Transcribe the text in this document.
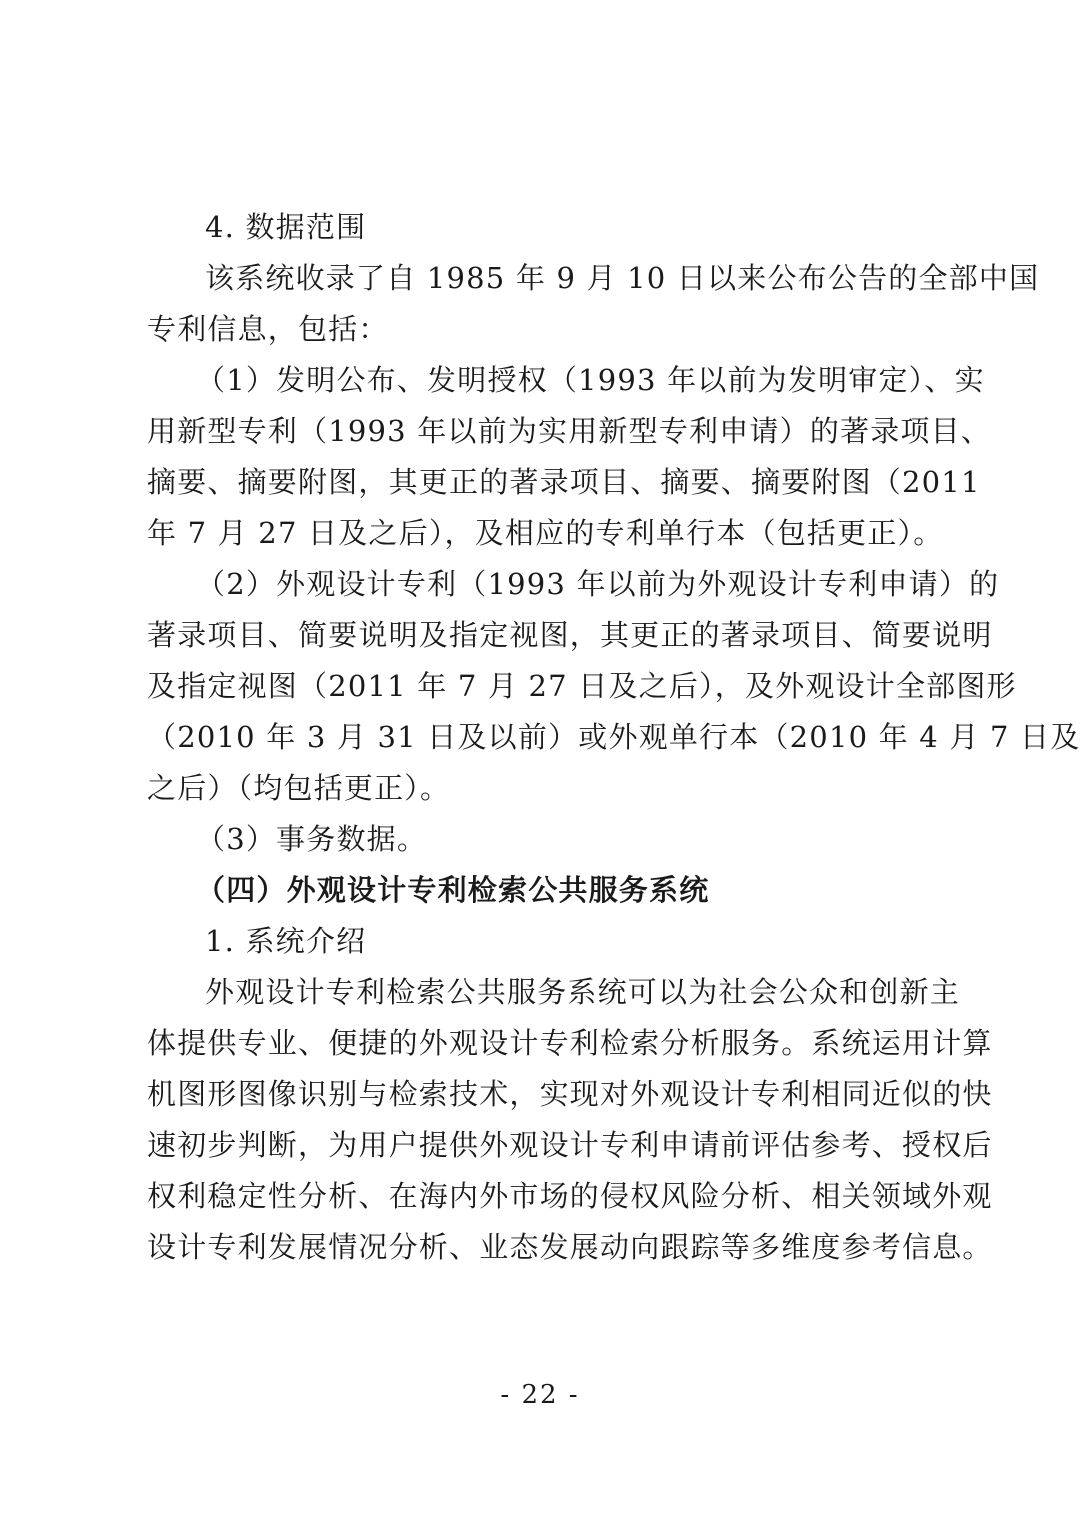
4. 数据范围
该系统收录了自 1985 年 9 月 10 日以来公布公告的全部中国
专利信息，包括：
（1）发明公布、发明授权（1993 年以前为发明审定）、实
用新型专利（1993 年以前为实用新型专利申请）的著录项目、
摘要、摘要附图，其更正的著录项目、摘要、摘要附图（2011
年 7 月 27 日及之后），及相应的专利单行本（包括更正）。
（2）外观设计专利（1993 年以前为外观设计专利申请）的
著录项目、简要说明及指定视图，其更正的著录项目、简要说明
及指定视图（2011 年 7 月 27 日及之后），及外观设计全部图形
（2010 年 3 月 31 日及以前）或外观单行本（2010 年 4 月 7 日及
之后）（均包括更正）。
（3）事务数据。
（四）外观设计专利检索公共服务系统
1. 系统介绍
外观设计专利检索公共服务系统可以为社会公众和创新主
体提供专业、便捷的外观设计专利检索分析服务。系统运用计算
机图形图像识别与检索技术，实现对外观设计专利相同近似的快
速初步判断，为用户提供外观设计专利申请前评估参考、授权后
权利稳定性分析、在海内外市场的侵权风险分析、相关领域外观
设计专利发展情况分析、业态发展动向跟踪等多维度参考信息。
- 22 -
